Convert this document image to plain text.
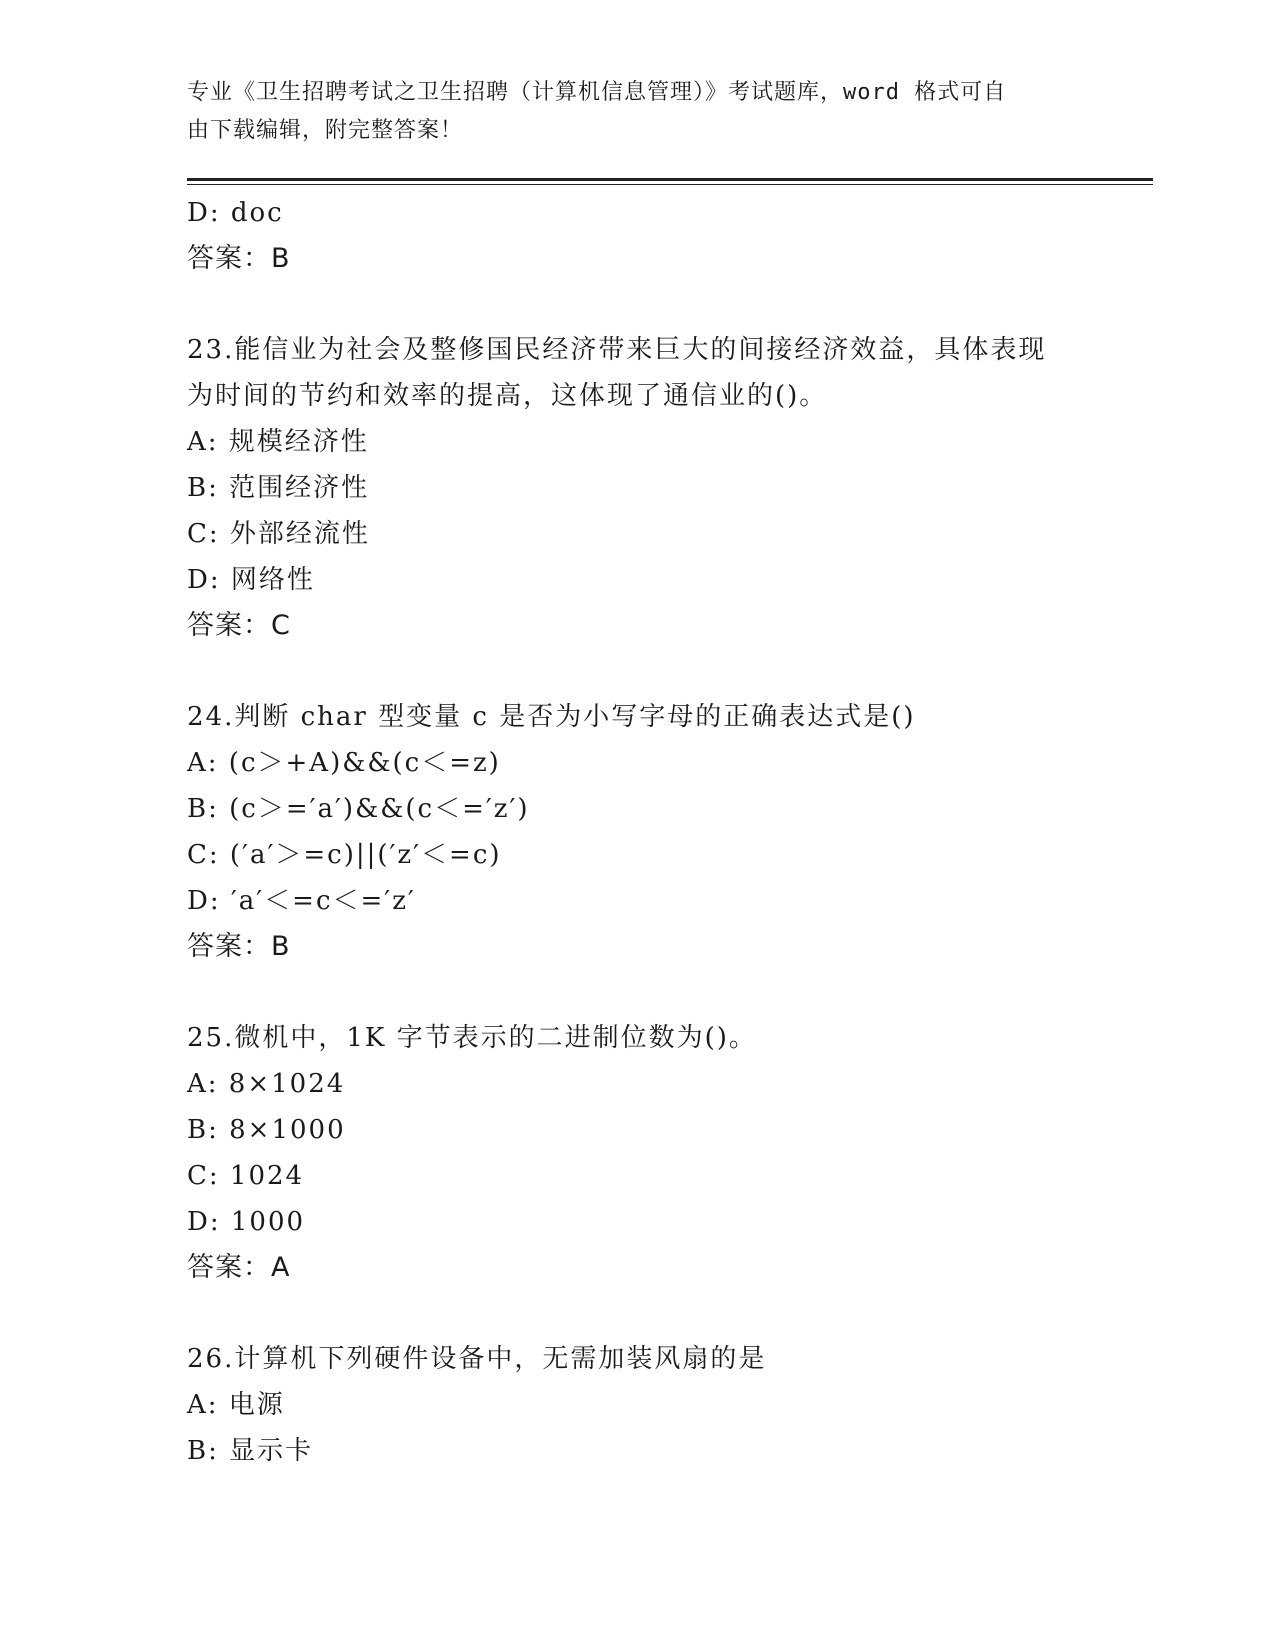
专业《卫生招聘考试之卫生招聘（计算机信息管理）》考试题库，word 格式可自
由下载编辑，附完整答案！
D: doc
答案：B
23.能信业为社会及整修国民经济带来巨大的间接经济效益，具体表现
为时间的节约和效率的提高，这体现了通信业的()。
A: 规模经济性
B: 范围经济性
C: 外部经流性
D: 网络性
答案：C
24.判断 char 型变量 c 是否为小写字母的正确表达式是()
A: (c＞+A)&&(c＜=z)
B: (c＞=′a′)&&(c＜=′z′)
C: (′a′＞=c)||(′z′＜=c)
D: ′a′＜=c＜=′z′
答案：B
25.微机中，1K 字节表示的二进制位数为()。
A: 8×1024
B: 8×1000
C: 1024
D: 1000
答案：A
26.计算机下列硬件设备中，无需加装风扇的是
A: 电源
B: 显示卡
